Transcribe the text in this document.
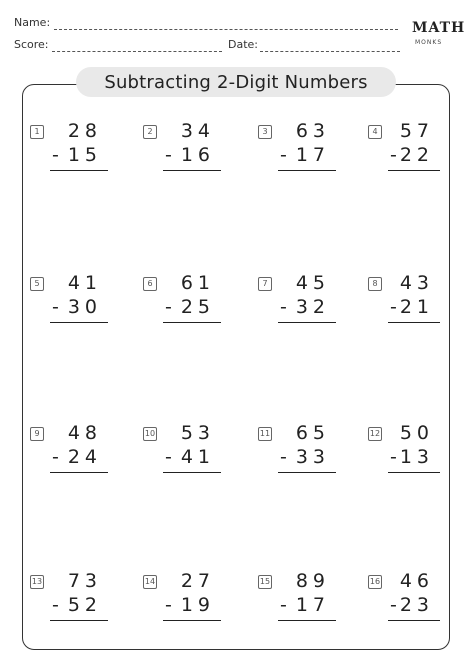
Name:
Score:	Date:
MATH
MONKS
Subtracting 2-Digit Numbers
1 28
- 15
2 34
- 16
3 63
- 17
4 57
- 22
5 41
- 30
6 61
- 25
7 45
- 32
8 43
- 21
9 48
- 24
10 53
- 41
11 65
- 33
12 50
- 13
13 73
- 52
14 27
- 19
15 89
- 17
16 46
- 23
